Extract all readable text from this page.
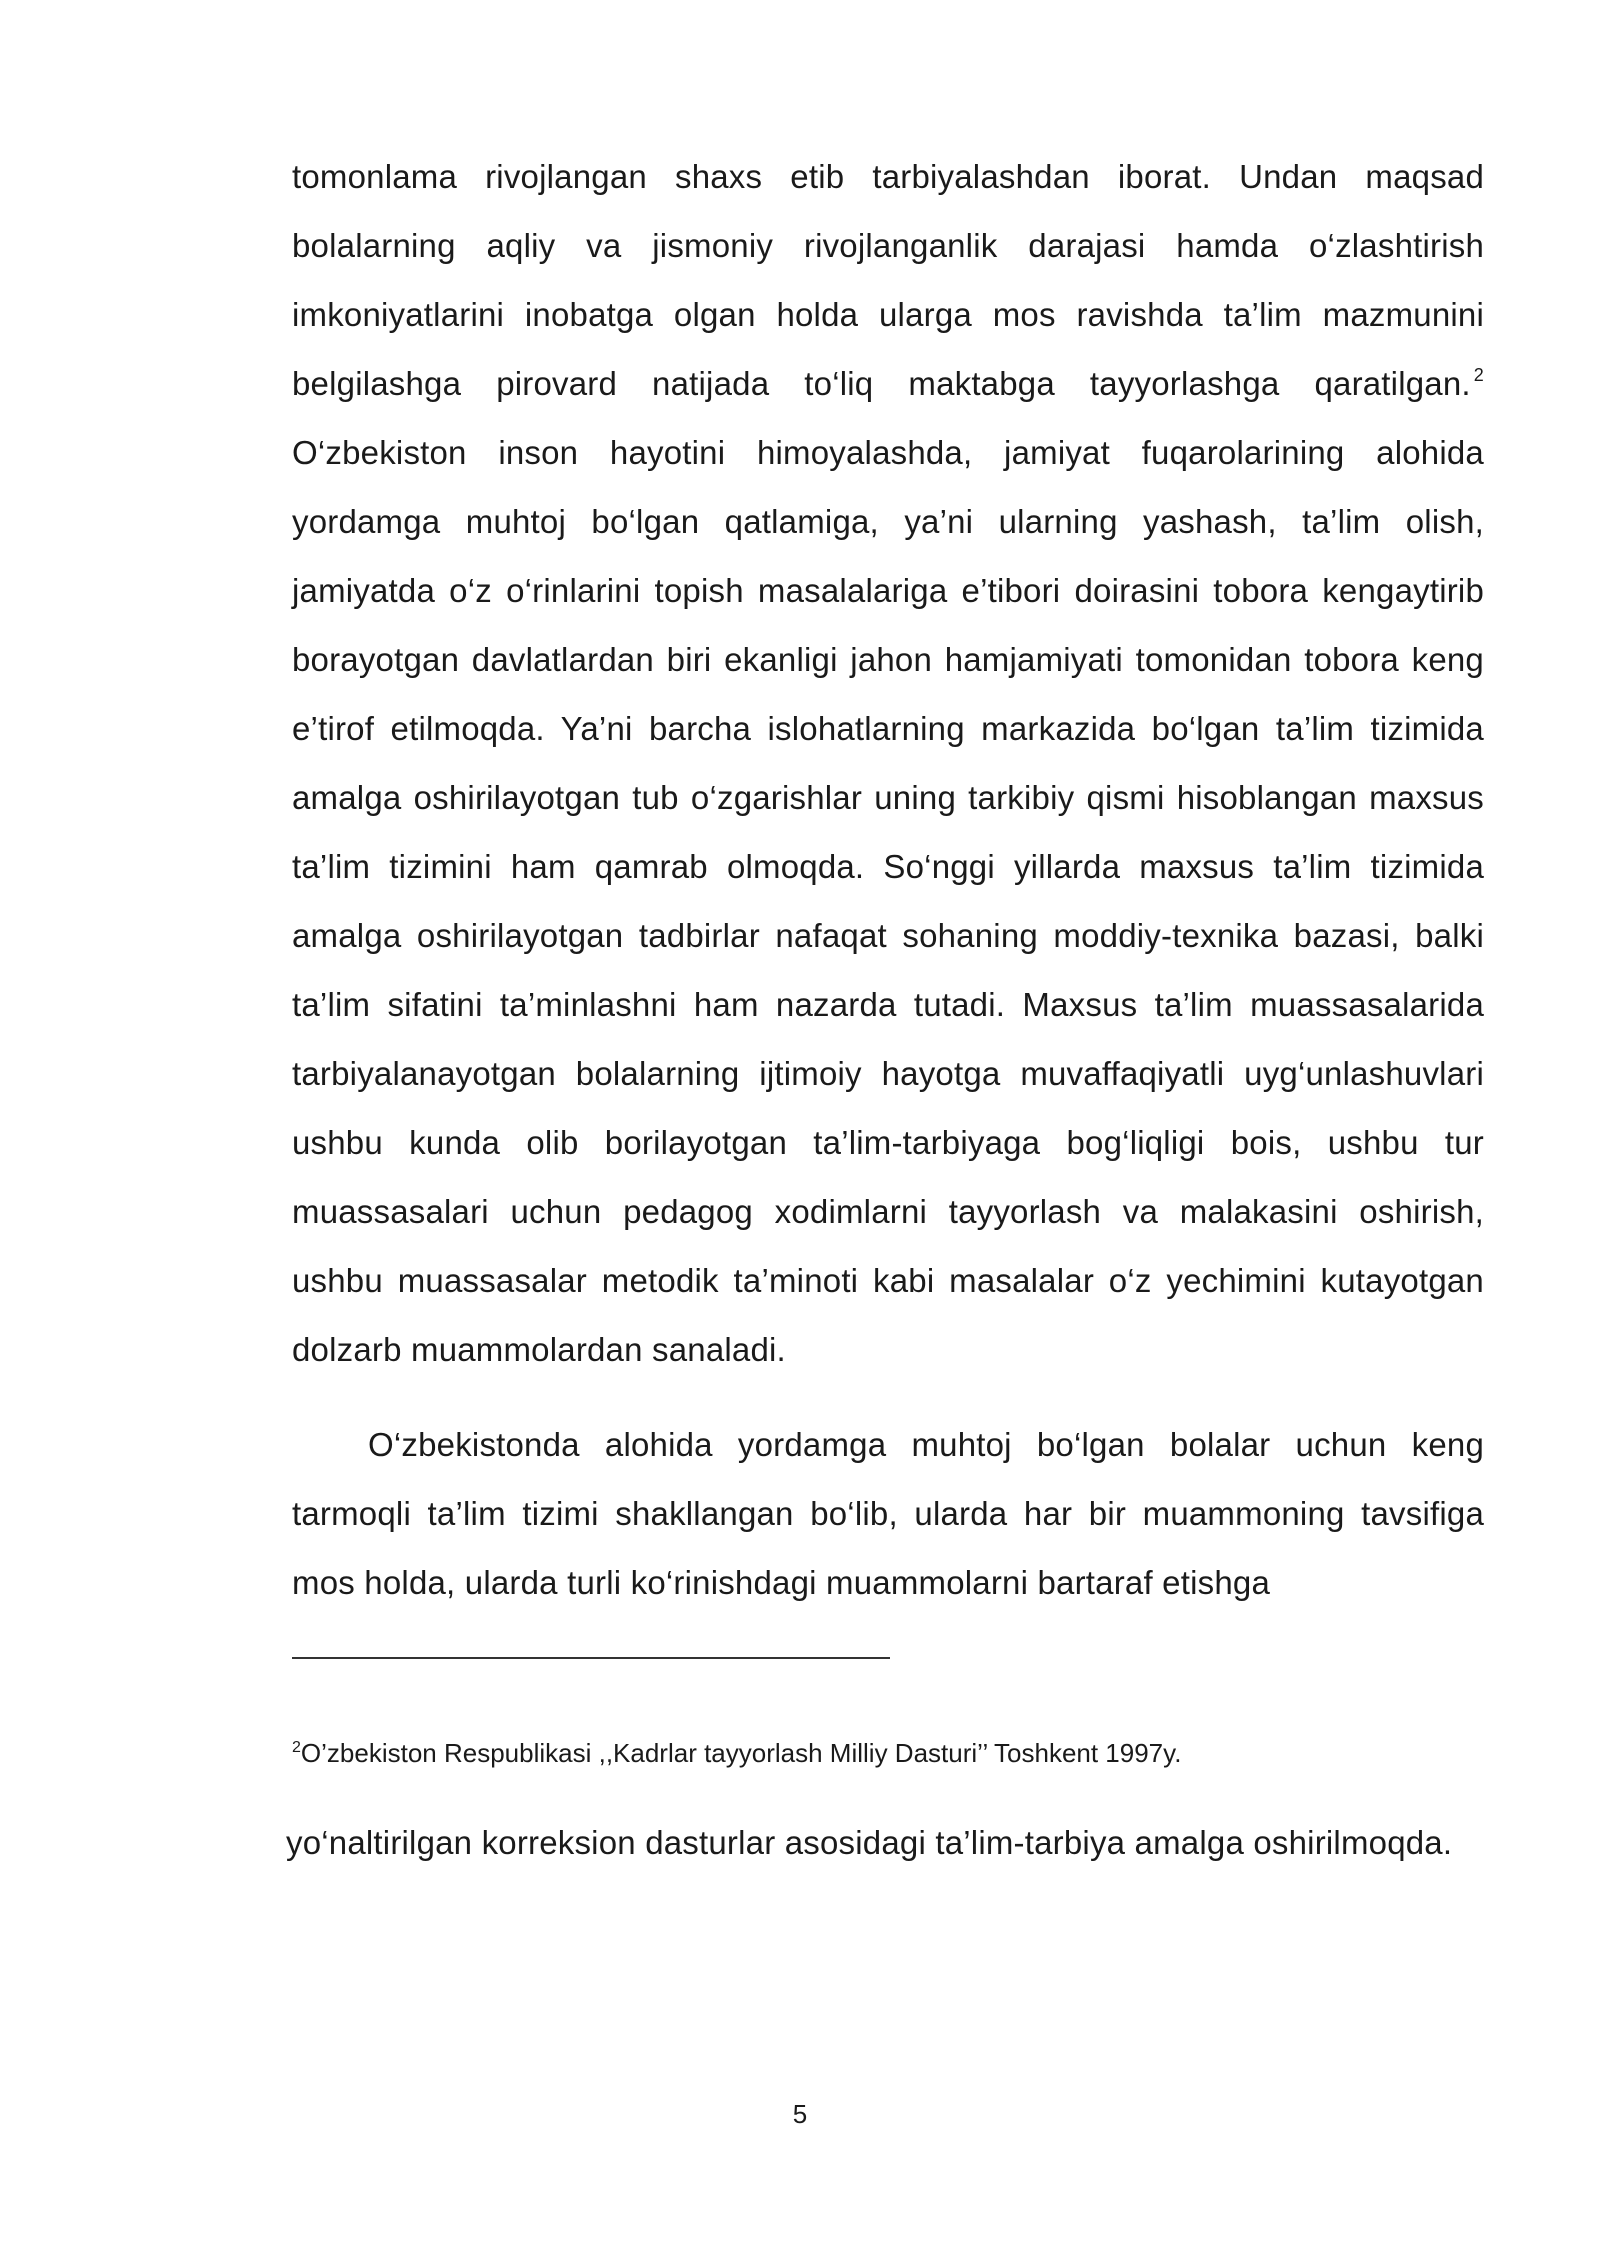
tomonlama rivojlangan shaxs etib tarbiyalashdan iborat. Undan maqsad bolalarning aqliy va jismoniy rivojlanganlik darajasi hamda o‘zlashtirish imkoniyatlarini inobatga olgan holda ularga mos ravishda ta’lim mazmunini belgilashga pirovard natijada to‘liq maktabga tayyorlashga qaratilgan. $^2$ O‘zbekiston inson hayotini himoyalashda, jamiyat fuqarolarining alohida yordamga muhtoj bo‘lgan qatlamiga, ya’ni ularning yashash, ta’lim olish, jamiyatda o‘z o‘rinlarini topish masalalariga e’tibori doirasini tobora kengaytirib borayotgan davlatlardan biri ekanligi jahon hamjamiyati tomonidan tobora keng e’tirof etilmoqda. Ya’ni barcha islohatlarning markazida bo‘lgan ta’lim tizimida amalga oshirilayotgan tub o‘zgarishlar uning tarkibiy qismi hisoblangan maxsus ta’lim tizimini ham qamrab olmoqda. So‘nggi yillarda maxsus ta’lim tizimida amalga oshirilayotgan tadbirlar nafaqat sohaning moddiy-texnika bazasi, balki ta’lim sifatini ta’minlashni ham nazarda tutadi. Maxsus ta’lim muassasalarida tarbiyalanayotgan bolalarning ijtimoiy hayotga muvaffaqiyatli uyg‘unlashuvlari ushbu kunda olib borilayotgan ta’lim-tarbiyaga bog‘liqligi bois, ushbu tur muassasalari uchun pedagog xodimlarni tayyorlash va malakasini oshirish, ushbu muassasalar metodik ta’minoti kabi masalalar o‘z yechimini kutayotgan dolzarb muammolardan sanaladi.

O‘zbekistonda alohida yordamga muhtoj bo‘lgan bolalar uchun keng tarmoqli ta’lim tizimi shakllangan bo‘lib, ularda har bir muammoning tavsifiga mos holda, ularda turli ko‘rinishdagi muammolarni bartaraf etishga

$^2$O’zbekiston Respublikasi ,,Kadrlar tayyorlash Milliy Dasturi’’ Toshkent 1997y.

yo‘naltirilgan korreksion dasturlar asosidagi ta’lim-tarbiya amalga oshirilmoqda.

5
